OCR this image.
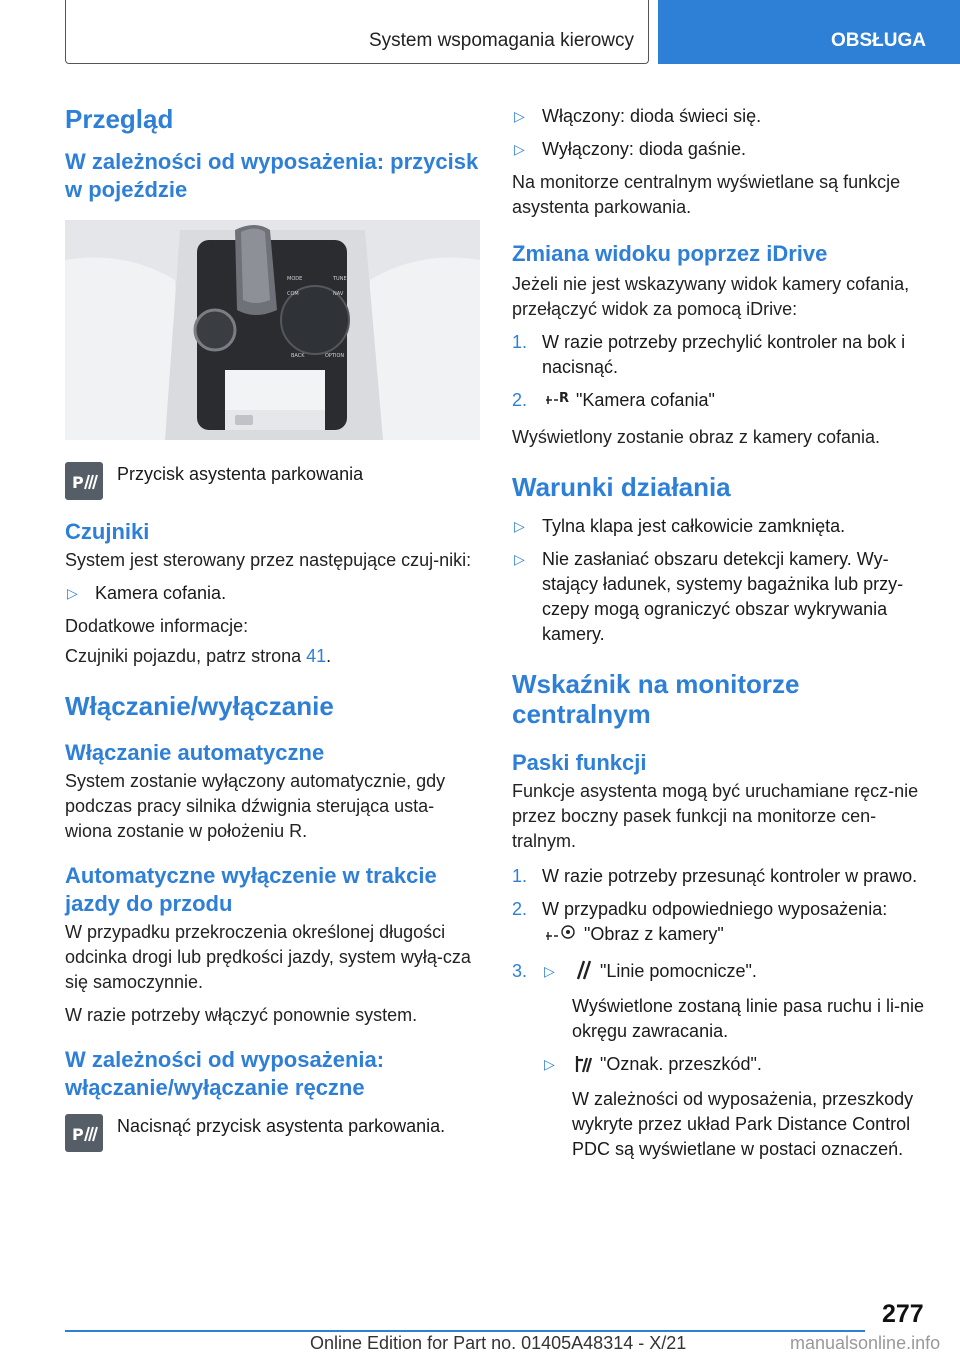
System wspomagania kierowcy	OBSŁUGA
Przegląd
W zależności od wyposażenia: przycisk w pojeździe
MODE	TUNE
COM	NAV
BACK	OPTION
P Przycisk asystenta parkowania
Czujniki
System jest sterowany przez następujące czuj-niki:
▷ Kamera cofania.
Dodatkowe informacje:
Czujniki pojazdu, patrz strona 41.
Włączanie/wyłączanie
Włączanie automatyczne
System zostanie wyłączony automatycznie, gdy podczas pracy silnika dźwignia sterująca usta-wiona zostanie w położeniu R.
Automatyczne wyłączenie w trakcie jazdy do przodu
W przypadku przekroczenia określonej długości odcinka drogi lub prędkości jazdy, system wyłą-cza się samoczynnie.
W razie potrzeby włączyć ponownie system.
W zależności od wyposażenia: włączanie/wyłączanie ręczne
P Nacisnąć przycisk asystenta parkowania.
▷ Włączony: dioda świeci się.
▷ Wyłączony: dioda gaśnie.
Na monitorze centralnym wyświetlane są funkcje asystenta parkowania.
Zmiana widoku poprzez iDrive
Jeżeli nie jest wskazywany widok kamery cofania, przełączyć widok za pomocą iDrive:
1. W razie potrzeby przechylić kontroler na bok i nacisnąć.
2. R "Kamera cofania"
Wyświetlony zostanie obraz z kamery cofania.
Warunki działania
▷ Tylna klapa jest całkowicie zamknięta.
▷ Nie zasłaniać obszaru detekcji kamery. Wy-stający ładunek, systemy bagażnika lub przy-czepy mogą ograniczyć obszar wykrywania kamery.
Wskaźnik na monitorze centralnym
Paski funkcji
Funkcje asystenta mogą być uruchamiane ręcz-nie przez boczny pasek funkcji na monitorze cen-tralnym.
1. W razie potrzeby przesunąć kontroler w prawo.
2. W przypadku odpowiedniego wyposażenia:
"Obraz z kamery"
3. ▷	"Linie pomocnicze".
Wyświetlone zostaną linie pasa ruchu i li-nie okręgu zawracania.
▷	"Oznak. przeszkód".
W zależności od wyposażenia, przeszkody wykryte przez układ Park Distance Control PDC są wyświetlane w postaci oznaczeń.
277
Online Edition for Part no. 01405A48314 - X/21	manualsonline.info
